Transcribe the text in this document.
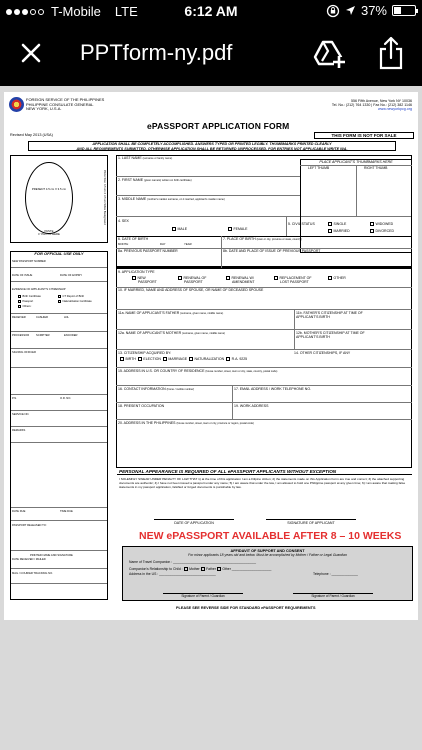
T-Mobile LTE	6:12 AM	37%
PPTform-ny.pdf
FOREIGN SERVICE OF THE PHILIPPINES
PHILIPPINE CONSULATE GENERAL
NEW YORK, U.S.A.
556 Fifth Avenue, New York NY 10036
Tel. No.: (212) 764 1330 | Fax No.: (212) 382 1146
www.newyorkpcg.org
ePASSPORT APPLICATION FORM
Revised May 2013 (USA)	THIS FORM IS NOT FOR SALE
APPLICATION SHALL BE COMPLETELY ACCOMPLISHED. ANSWERS TYPED OR PRINTED LEGIBLY. THUMBMARKS PRINTED CLEARLY
AND ALL REQUIREMENTS SUBMITTED. OTHERWISE APPLICATION SHALL BE RETURNED UNPROCESSED. FOR ENTRIES NOT APPLICABLE WRITE N/A.
PRESENT 4.5 cm X 3.5 cm	Photo Size: 4.5 cm X 3.5 cm White Background
PASTE
1" PHOTO HERE
FOR OFFICIAL USE ONLY
NEW PASSPORT NUMBER
DATE OF ISSUE	DATE OF EXPIRY
EVIDENCE OF APPLICANT'S CITIZENSHIP
Birth Certificate	CT Report of Birth
Passport	Naturalization Certificate
Others:
RECEIVER	CASHIER	LDL
PROCESSOR	SCRIPTER	ENCODER
SIGNING OFFICER
P.N.	O.R. NO.
SERVICE NO.
REMARKS
DATE DUE	TIME DUE
PASSPORT RELEASED TO:
PRINTED NAME AND SIGNATURE
DATE RECEIVED / MAILED
MAIL / COURIER TRACKING NO.
1. LAST NAME (surname or family name)
2. FIRST NAME (given name/s) written on birth certificate)
3. MIDDLE NAME (mother's maiden surname, on it married, applicant's maiden name)
PLACE APPLICANT'S THUMBMARKS HERE
LEFT THUMB	RIGHT THUMB
4. SEX
MALE	FEMALE
5. CIVIL STATUS	SINGLE	WIDOWED
MARRIED	DIVORCED
6. DATE OF BIRTH
MONTH	DAY	YEAR
7. PLACE OF BIRTH (town or city, province or state, country)
8a. PREVIOUS PASSPORT NUMBER	8b. DATE AND PLACE OF ISSUE OF PREVIOUS PASSPORT
9. APPLICATION TYPE
NEW
PASSPORT
RENEWAL OF
PASSPORT
RENEWAL W/
AMENDMENT
REPLACEMENT OF
LOST PASSPORT
OTHER
10. IF MARRIED, NAME AND ADDRESS OF SPOUSE, OR NAME OF DECEASED SPOUSE
11a. NAME OF APPLICANT'S FATHER (surname, given name, middle name)	11b. FATHER'S CITIZENSHIP AT TIME OF
APPLICANT'S BIRTH
12a. NAME OF APPLICANT'S MOTHER (surname, given name, middle name)	12b. MOTHER'S CITIZENSHIP AT TIME OF
APPLICANT'S BIRTH
13. CITIZENSHIP ACQUIRED BY:
BIRTH ELECTION MARRIAGE NATURALIZATION R.A. 9225
14. OTHER CITIZENSHIPS, IF ANY
15. ADDRESS IN U.S. OR COUNTRY OF RESIDENCE (house number, street, town or city, state, country, postal code)
16. CONTACT INFORMATION (home / mobile number)	17. EMAIL ADDRESS / WORK TELEPHONE NO.
18. PRESENT OCCUPATION	19. WORK ADDRESS
20. ADDRESS IN THE PHILIPPINES (house number, street, town or city, province or region, postal code)
PERSONAL APPEARANCE IS REQUIRED OF ALL ePASSPORT APPLICANTS WITHOUT EXCEPTION
I SOLEMNLY SWEAR UNDER PENALTY OF LAW THAT 1) at the time of this application I am a Filipino citizen; 2) the statements made on this Application Form are true and correct; 3) the attached supporting documents are authentic; 4) I have not been issued a passport under any name; 5) I am aware that under the law, I am allowed to hold one Philippine passport at any given time; 6) I am aware that making false statements in my passport application, falsified or forged documents is punishable by law.
DATE OF APPLICATION	SIGNATURE OF APPLICANT
NEW ePASSPORT AVAILABLE AFTER 8 – 10 WEEKS
AFFIDAVIT OF SUPPORT AND CONSENT
For minor applicants 18 years old and below. Must be accomplished by Mother / Father or Legal Guardian
Name of Travel Companion : ____________________________________________
Companion's Relationship to Child : Mother Father Other _____________________
Address in the US : ______________________________	Telephone : ______________
Signature of Parent / Guardian	Signature of Parent / Guardian
PLEASE SEE REVERSE SIDE FOR STANDARD ePASSPORT REQUIREMENTS
